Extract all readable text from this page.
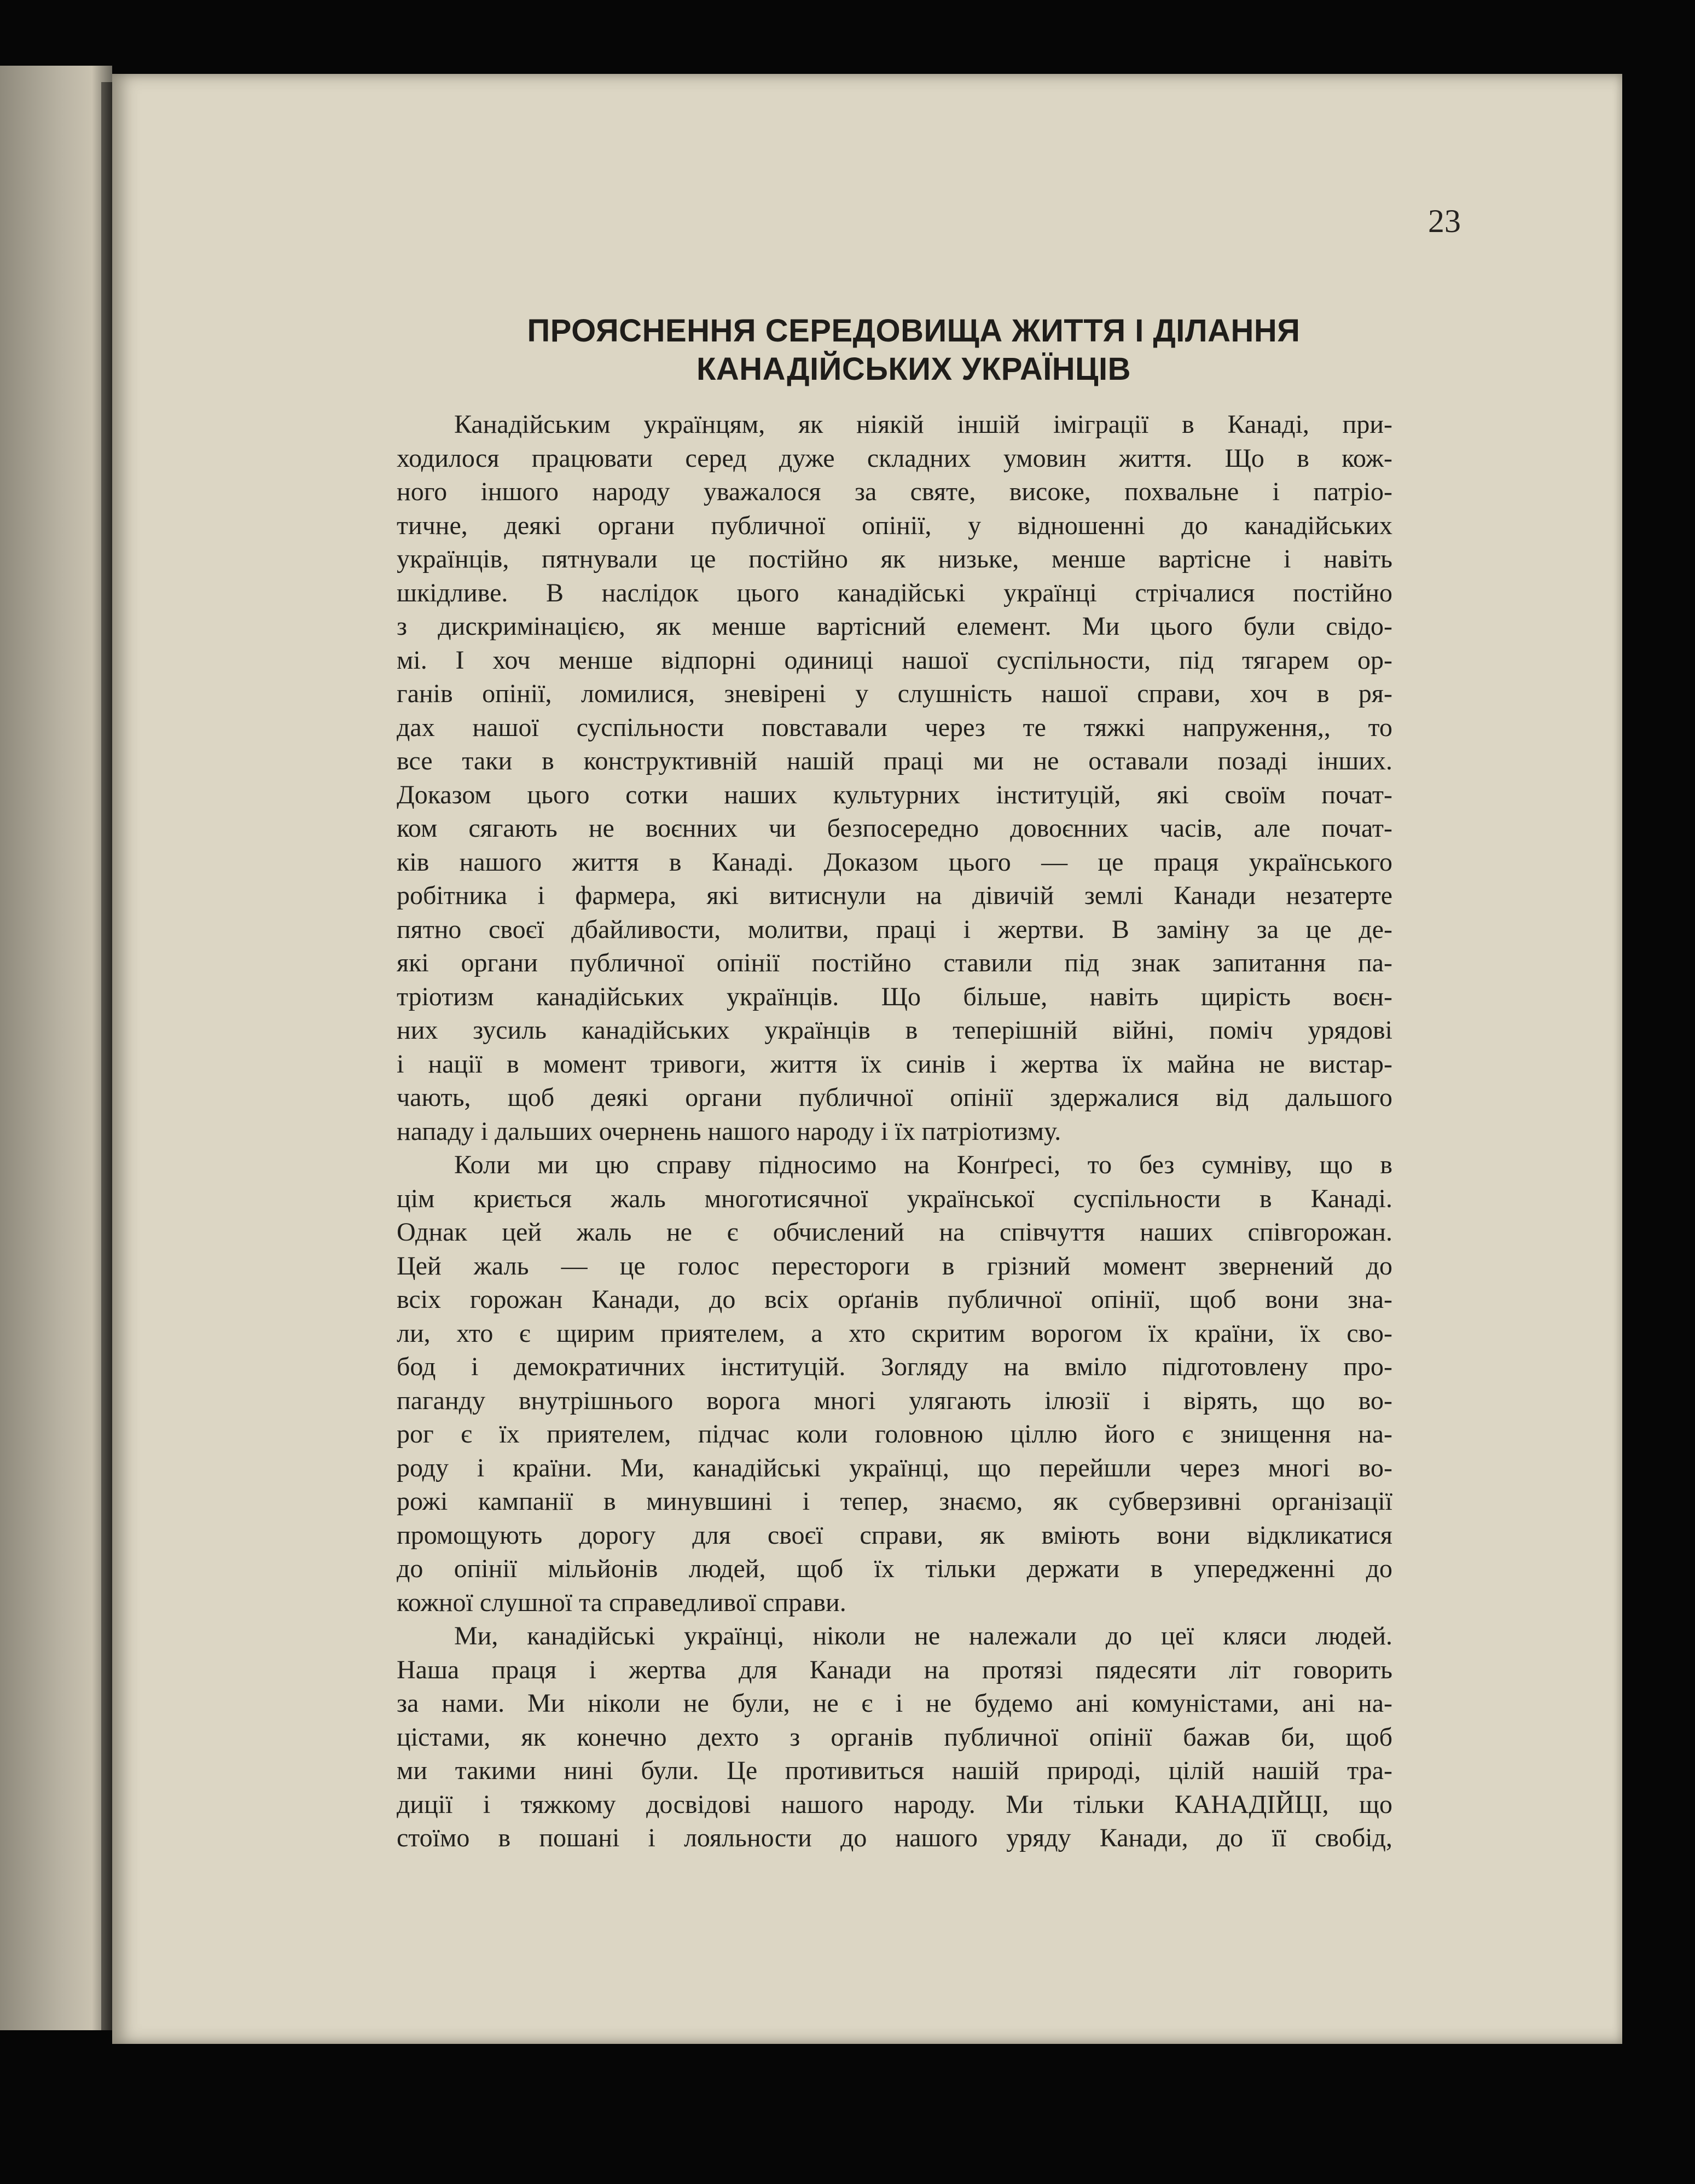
23
ПРОЯСНЕННЯ СЕРЕДОВИЩА ЖИТТЯ І ДІЛАННЯ
КАНАДІЙСЬКИХ УКРАЇНЦІВ
Канадійським українцям, як ніякій іншій іміграції в Канаді, при-
ходилося працювати серед дуже складних умовин життя. Що в кож-
ного іншого народу уважалося за святе, високе, похвальне і патріо-
тичне, деякі органи публичної опінії, у відношенні до канадійських
українців, пятнували це постійно як низьке, менше вартісне і навіть
шкідливе. В наслідок цього канадійські українці стрічалися постійно
з дискримінацією, як менше вартісний елемент. Ми цього були свідо-
мі. І хоч менше відпорні одиниці нашої суспільности, під тягарем ор-
ганів опінії, ломилися, зневірені у слушність нашої справи, хоч в ря-
дах нашої суспільности повставали через те тяжкі напруження,, то
все таки в конструктивній нашій праці ми не оставали позаді інших.
Доказом цього сотки наших культурних інституцій, які своїм почат-
ком сягають не воєнних чи безпосередно довоєнних часів, але почат-
ків нашого життя в Канаді. Доказом цього — це праця українського
робітника і фармера, які витиснули на дівичій землі Канади незатерте
пятно своєї дбайливости, молитви, праці і жертви. В заміну за це де-
які органи публичної опінії постійно ставили під знак запитання па-
тріотизм канадійських українців. Що більше, навіть щирість воєн-
них зусиль канадійських українців в теперішній війні, поміч урядові
і нації в момент тривоги, життя їх синів і жертва їх майна не вистар-
чають, щоб деякі органи публичної опінії здержалися від дальшого
нападу і дальших очернень нашого народу і їх патріотизму.
Коли ми цю справу підносимо на Конґресі, то без сумніву, що в
цім криється жаль многотисячної української суспільности в Канаді.
Однак цей жаль не є обчислений на співчуття наших співгорожан.
Цей жаль — це голос перестороги в грізний момент звернений до
всіх горожан Канади, до всіх орґанів публичної опінії, щоб вони зна-
ли, хто є щирим приятелем, а хто скритим ворогом їх країни, їх сво-
бод і демократичних інституцій. Зогляду на вміло підготовлену про-
паганду внутрішнього ворога многі улягають ілюзії і вірять, що во-
рог є їх приятелем, підчас коли головною ціллю його є знищення на-
роду і країни. Ми, канадійські українці, що перейшли через многі во-
рожі кампанії в минувшині і тепер, знаємо, як субверзивні організації
промощують дорогу для своєї справи, як вміють вони відкликатися
до опінії мільйонів людей, щоб їх тільки держати в упередженні до
кожної слушної та справедливої справи.
Ми, канадійські українці, ніколи не належали до цеї кляси людей.
Наша праця і жертва для Канади на протязі пядесяти літ говорить
за нами. Ми ніколи не були, не є і не будемо ані комуністами, ані на-
цістами, як конечно дехто з органів публичної опінії бажав би, щоб
ми такими нині були. Це противиться нашій природі, цілій нашій тра-
диції і тяжкому досвідові нашого народу. Ми тільки КАНАДІЙЦІ, що
стоїмо в пошані і лояльности до нашого уряду Канади, до її свобід,
